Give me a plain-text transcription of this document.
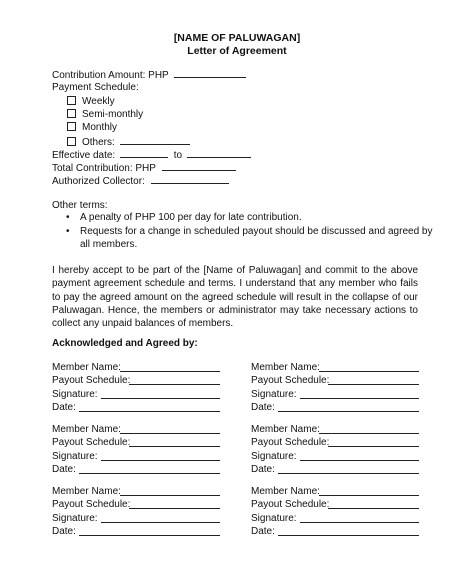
[NAME OF PALUWAGAN]
Letter of Agreement
Contribution Amount: PHP
Payment Schedule:
Weekly
Semi-monthly
Monthly
Others:
Effective date:	to
Total Contribution: PHP
Authorized Collector:
Other terms:
• A penalty of PHP 100 per day for late contribution.
• Requests for a change in scheduled payout should be discussed and agreed by
all members.
I hereby accept to be part of the [Name of Paluwagan] and commit to the above payment agreement schedule and terms. I understand that any member who fails to pay the agreed amount on the agreed schedule will result in the collapse of our Paluwagan. Hence, the members or administrator may take necessary actions to collect any unpaid balances of members.
Acknowledged and Agreed by:
Member Name:
Payout Schedule:
Signature:
Date:
Member Name:
Payout Schedule:
Signature:
Date:
Member Name:
Payout Schedule:
Signature:
Date:
Member Name:
Payout Schedule:
Signature:
Date:
Member Name:
Payout Schedule:
Signature:
Date:
Member Name:
Payout Schedule:
Signature:
Date:
